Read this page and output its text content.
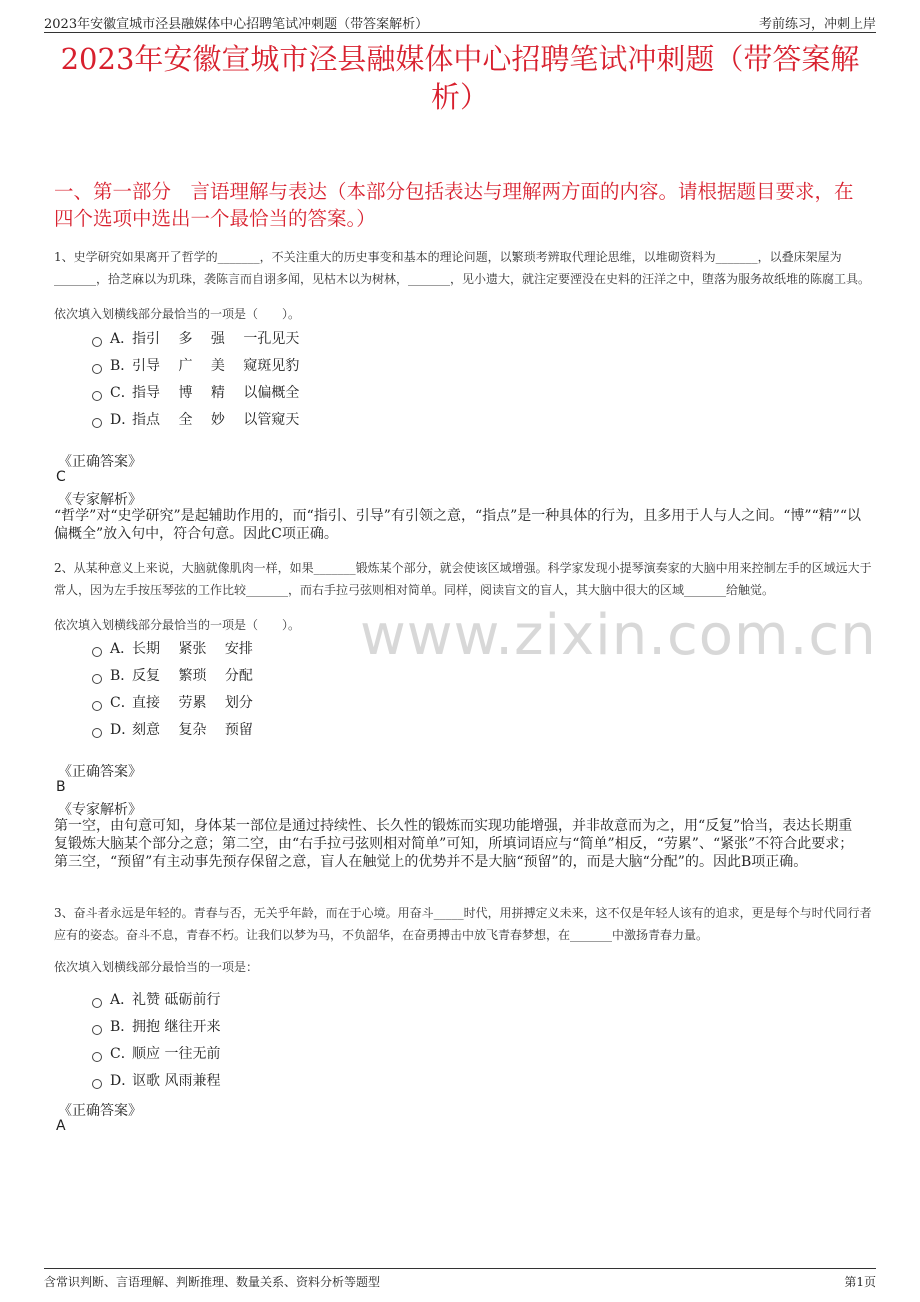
2023年安徽宣城市泾县融媒体中心招聘笔试冲刺题（带答案解析）	考前练习，冲刺上岸
2023年安徽宣城市泾县融媒体中心招聘笔试冲刺题（带答案解析）
一、第一部分　言语理解与表达（本部分包括表达与理解两方面的内容。请根据题目要求，在四个选项中选出一个最恰当的答案。）
1、史学研究如果离开了哲学的_______，不关注重大的历史事变和基本的理论问题，以繁琐考辨取代理论思维，以堆砌资料为_______，以叠床架屋为_______，拾芝麻以为玑珠，袭陈言而自诩多闻，见枯木以为树林，_______，见小遗大，就注定要湮没在史料的汪洋之中，堕落为服务故纸堆的陈腐工具。
依次填入划横线部分最恰当的一项是（　　）。
A．
指引　 多　 强　 一孔见天
B．
引导　 广　 美　 窥斑见豹
C．
指导　 博　 精　 以偏概全
D．
指点　 全　 妙　 以管窥天
《正确答案》
C
《专家解析》
“哲学”对“史学研究”是起辅助作用的，而“指引、引导”有引领之意，“指点”是一种具体的行为，且多用于人与人之间。“博”“精”“以偏概全”放入句中，符合句意。因此C项正确。
2、从某种意义上来说，大脑就像肌肉一样，如果_______锻炼某个部分，就会使该区域增强。科学家发现小提琴演奏家的大脑中用来控制左手的区域远大于常人，因为左手按压琴弦的工作比较_______，而右手拉弓弦则相对简单。同样，阅读盲文的盲人，其大脑中很大的区域_______给触觉。
依次填入划横线部分最恰当的一项是（　　）。
A．
长期　 紧张　 安排
B．
反复　 繁琐　 分配
C．
直接　 劳累　 划分
D．
刻意　 复杂　 预留
《正确答案》
B
《专家解析》
第一空，由句意可知，身体某一部位是通过持续性、长久性的锻炼而实现功能增强，并非故意而为之，用“反复”恰当，表达长期重复锻炼大脑某个部分之意；第二空，由“右手拉弓弦则相对简单”可知，所填词语应与“简单”相反，“劳累”、“紧张”不符合此要求；第三空，“预留”有主动事先预存保留之意，盲人在触觉上的优势并不是大脑“预留”的，而是大脑“分配”的。因此B项正确。
3、奋斗者永远是年轻的。青春与否，无关乎年龄，而在于心境。用奋斗_____时代，用拼搏定义未来，这不仅是年轻人该有的追求，更是每个与时代同行者应有的姿态。奋斗不息，青春不朽。让我们以梦为马，不负韶华，在奋勇搏击中放飞青春梦想，在_______中激扬青春力量。
依次填入划横线部分最恰当的一项是：
A．
礼赞 砥砺前行
B．
拥抱 继往开来
C．
顺应 一往无前
D．
讴歌 风雨兼程
《正确答案》
A
www.zixin.com.cn
含常识判断、言语理解、判断推理、数量关系、资料分析等题型	第1页
